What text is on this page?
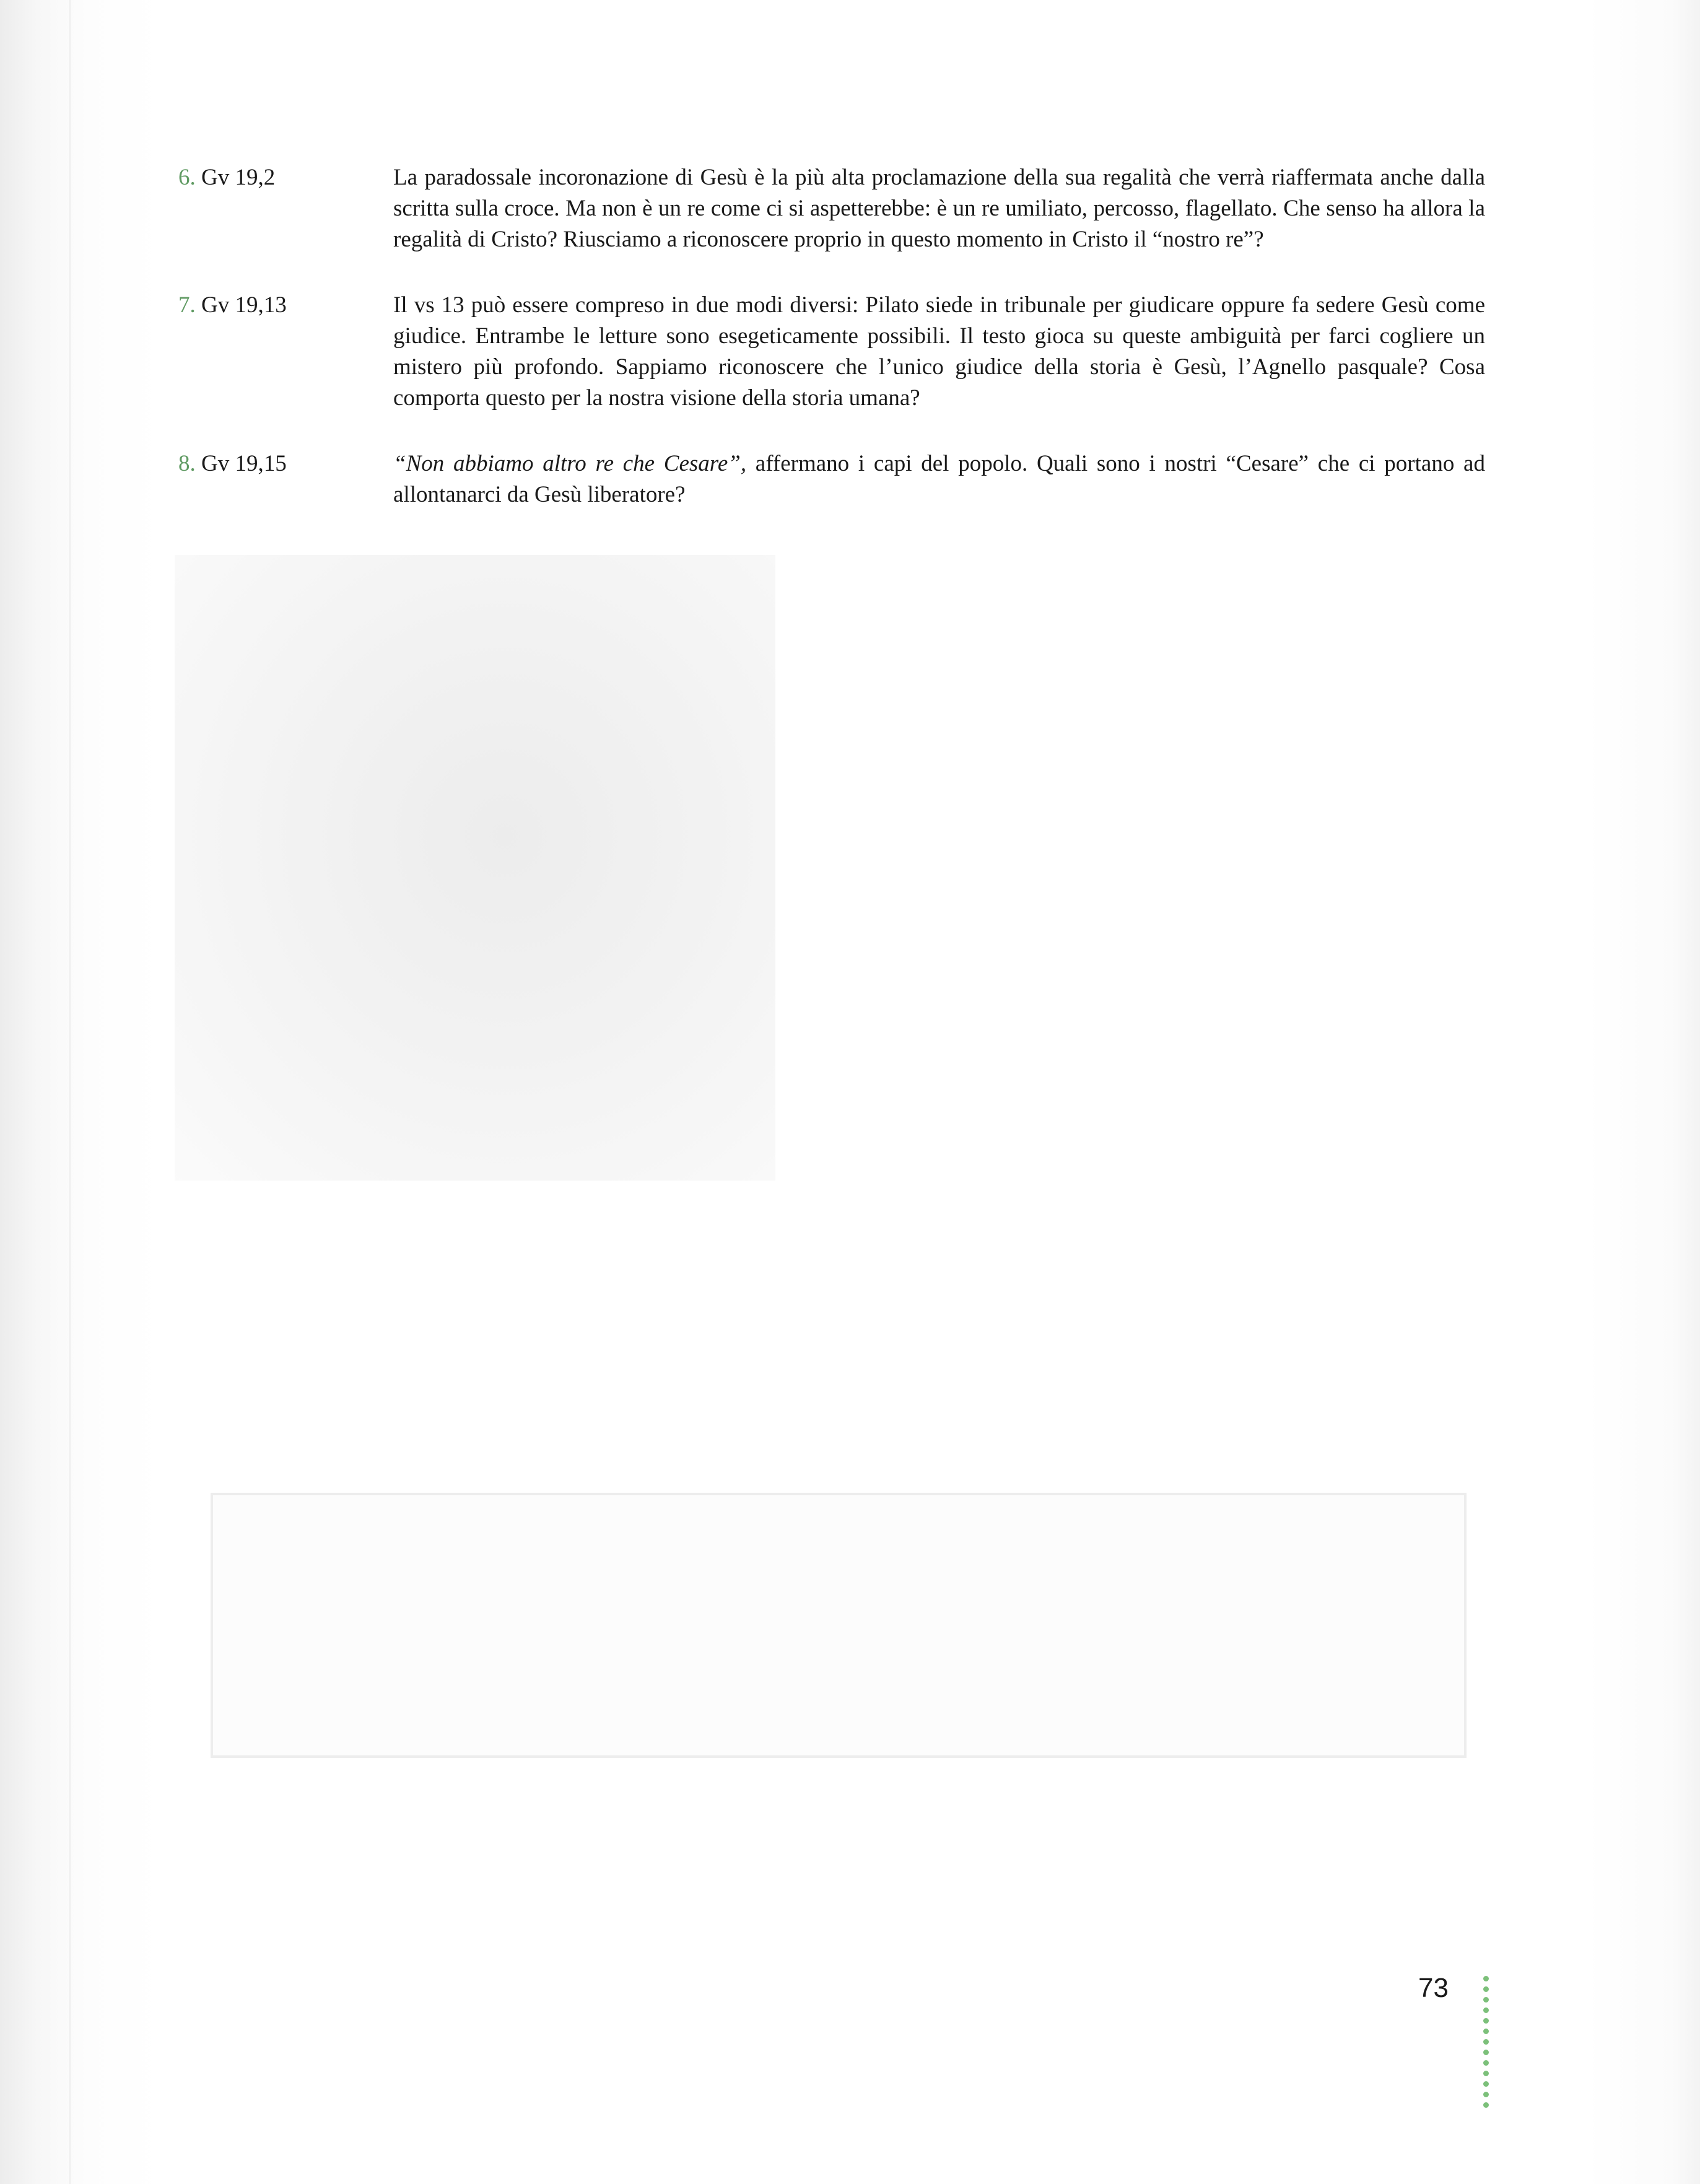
6. Gv 19,2	La paradossale incoronazione di Gesù è la più alta proclamazione della sua regalità che verrà riaffermata anche dalla scritta sulla croce. Ma non è un re come ci si aspetterebbe: è un re umiliato, percosso, flagellato. Che senso ha allora la regalità di Cristo? Riusciamo a riconoscere proprio in questo momento in Cristo il “nostro re”?

7. Gv 19,13	Il vs 13 può essere compreso in due modi diversi: Pilato siede in tribunale per giudicare oppure fa sedere Gesù come giudice. Entrambe le letture sono esegeticamente possibili. Il testo gioca su queste ambiguità per farci cogliere un mistero più profondo. Sappiamo riconoscere che l’unico giudice della storia è Gesù, l’Agnello pasquale? Cosa comporta questo per la nostra visione della storia umana?

8. Gv 19,15	“Non abbiamo altro re che Cesare”, affermano i capi del popolo. Quali sono i nostri “Cesare” che ci portano ad allontanarci da Gesù liberatore?

73
